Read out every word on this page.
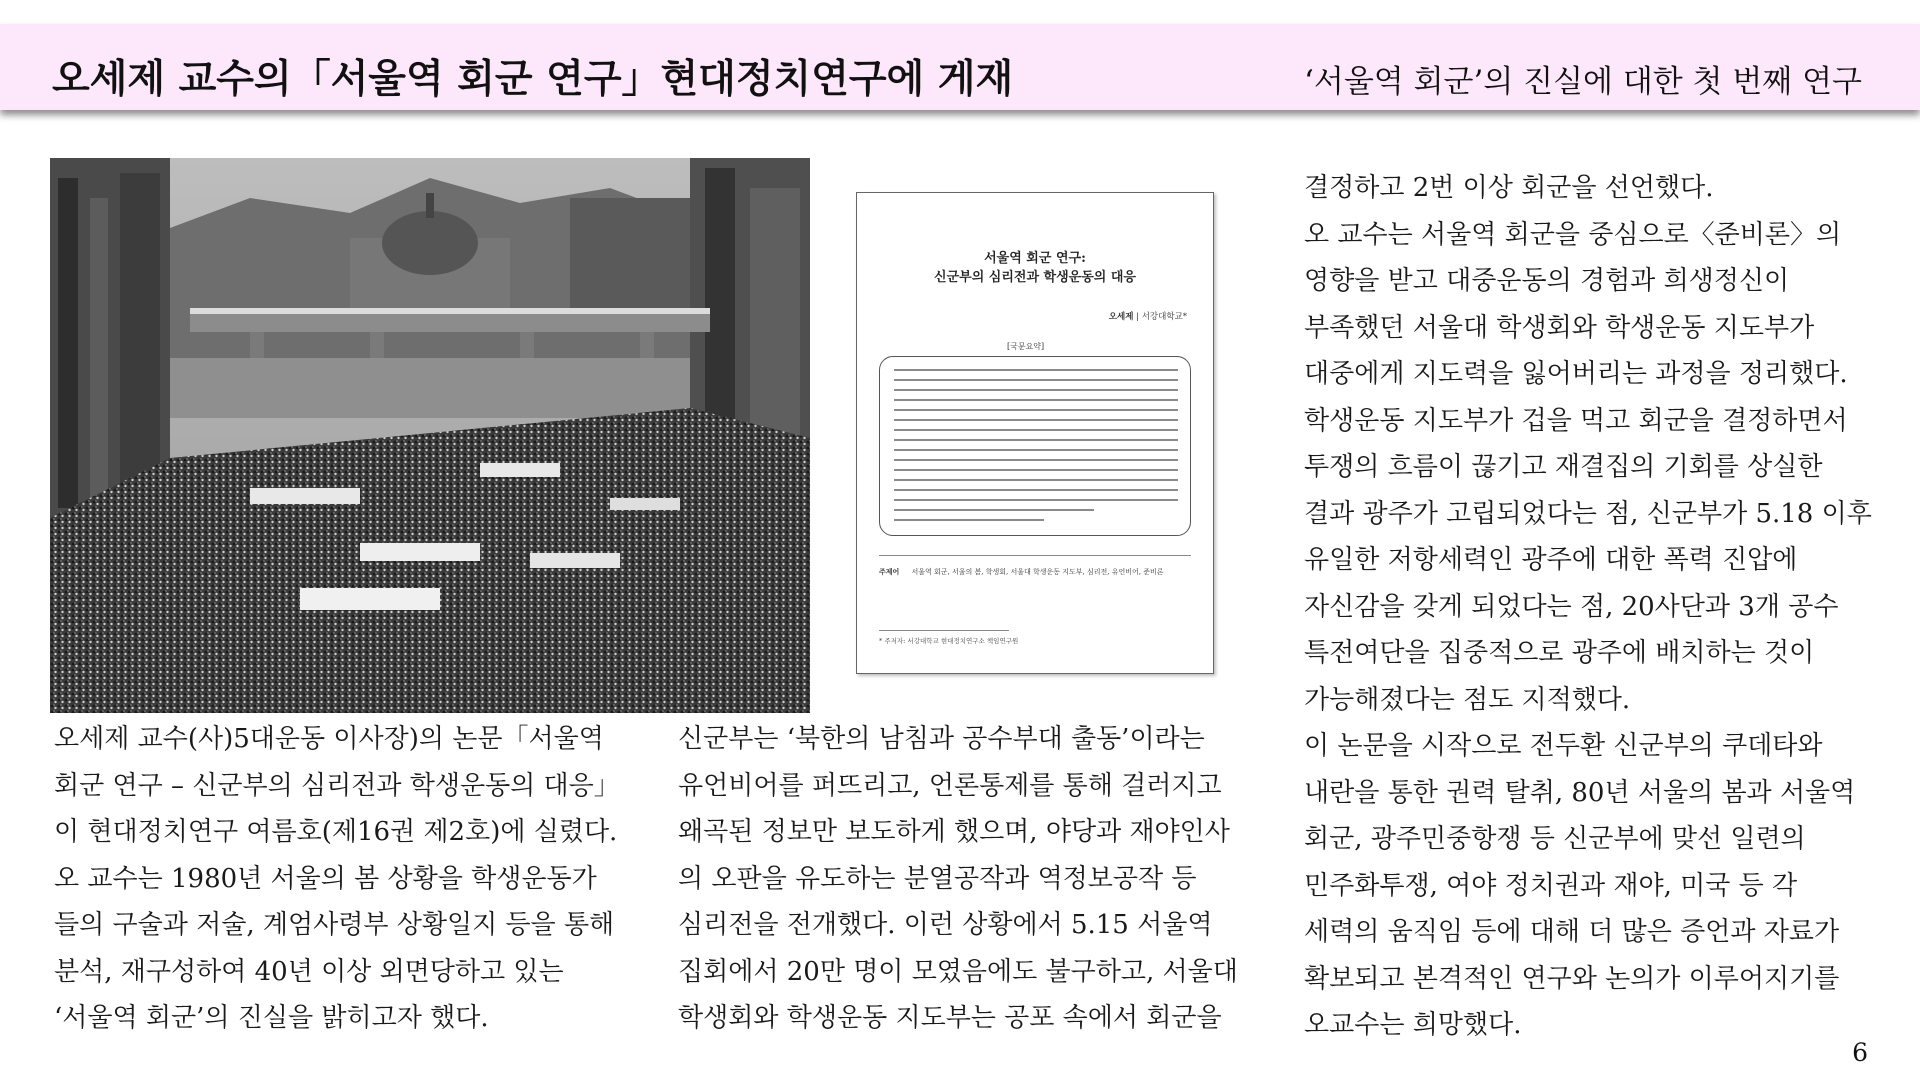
오세제 교수의「서울역 회군 연구」현대정치연구에 게재	‘서울역 회군’의 진실에 대한 첫 번째 연구
서울역 회군 연구:
신군부의 심리전과 학생운동의 대응
오세제 | 서강대학교*
[국문요약]
주제어 서울역 회군, 서울의 봄, 학생회, 서울대 학생운동 지도부, 심리전, 유언비어, 준비론
* 주저자: 서강대학교 현대정치연구소 책임연구원

오세제 교수(사)5대운동 이사장)의 논문「서울역

회군 연구 – 신군부의 심리전과 학생운동의 대응」

이 현대정치연구 여름호(제16권 제2호)에 실렸다.

오 교수는 1980년 서울의 봄 상황을 학생운동가

들의 구술과 저술, 계엄사령부 상황일지 등을 통해

분석, 재구성하여 40년 이상 외면당하고 있는

‘서울역 회군’의 진실을 밝히고자 했다.

신군부는 ‘북한의 남침과 공수부대 출동’이라는

유언비어를 퍼뜨리고, 언론통제를 통해 걸러지고

왜곡된 정보만 보도하게 했으며, 야당과 재야인사

의 오판을 유도하는 분열공작과 역정보공작 등

심리전을 전개했다. 이런 상황에서 5.15 서울역

집회에서 20만 명이 모였음에도 불구하고, 서울대

학생회와 학생운동 지도부는 공포 속에서 회군을

결정하고 2번 이상 회군을 선언했다.

오 교수는 서울역 회군을 중심으로〈준비론〉의

영향을 받고 대중운동의 경험과 희생정신이

부족했던 서울대 학생회와 학생운동 지도부가

대중에게 지도력을 잃어버리는 과정을 정리했다.

학생운동 지도부가 겁을 먹고 회군을 결정하면서

투쟁의 흐름이 끊기고 재결집의 기회를 상실한

결과 광주가 고립되었다는 점, 신군부가 5.18 이후

유일한 저항세력인 광주에 대한 폭력 진압에

자신감을 갖게 되었다는 점, 20사단과 3개 공수

특전여단을 집중적으로 광주에 배치하는 것이

가능해졌다는 점도 지적했다.

이 논문을 시작으로 전두환 신군부의 쿠데타와

내란을 통한 권력 탈취, 80년 서울의 봄과 서울역

회군, 광주민중항쟁 등 신군부에 맞선 일련의

민주화투쟁, 여야 정치권과 재야, 미국 등 각

세력의 움직임 등에 대해 더 많은 증언과 자료가

확보되고 본격적인 연구와 논의가 이루어지기를

오교수는 희망했다.

6
